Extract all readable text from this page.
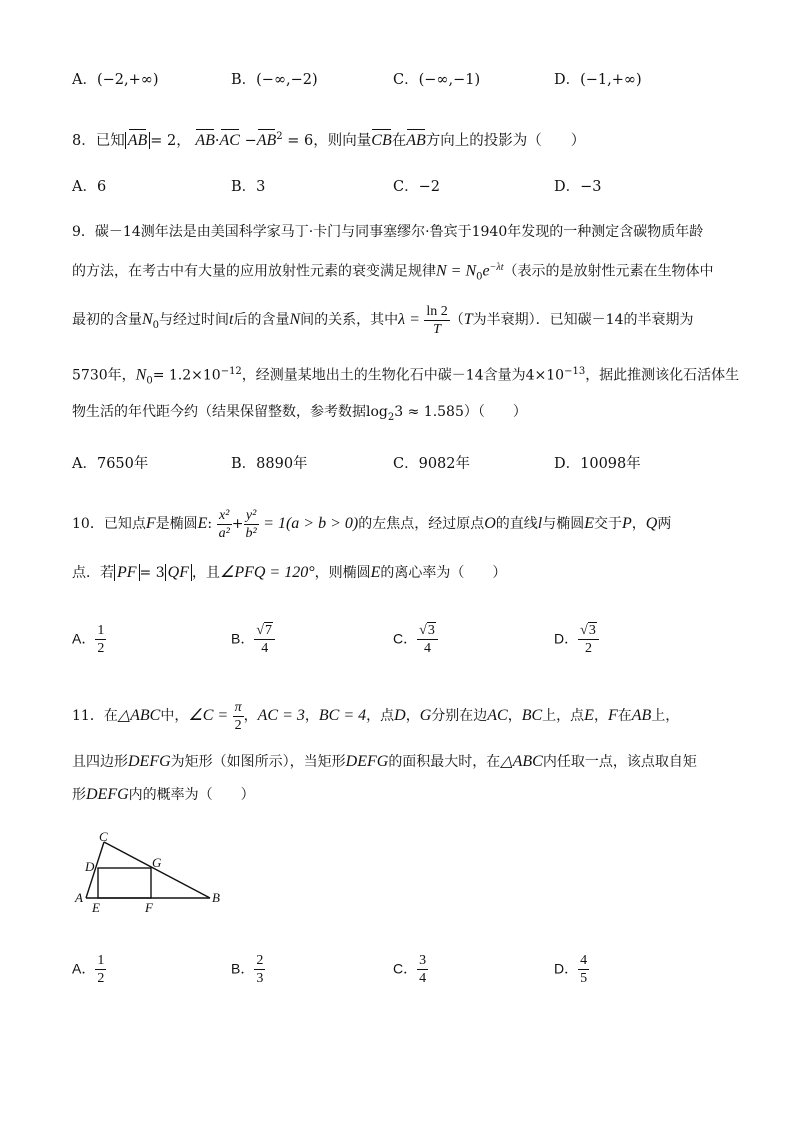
A．(−2,+∞)	B．(−∞,−2)	C．(−∞,−1)	D．(−1,+∞)
8．已知 AB = 2， $AB\cdot AC -AB^2 = 6$，则向量CB在AB方向上的投影为（　　）
A．6	B．3	C．−2	D．−3
9．碳－14测年法是由美国科学家马丁·卡门与同事塞缪尔·鲁宾于1940年发现的一种测定含碳物质年龄
的方法，在考古中有大量的应用放射性元素的衰变满足规律$N = N_0e^{-\lambda t}$（表示的是放射性元素在生物体中
最初的含量$N_0$与经过时间t后的含量N间的关系，其中$\lambda = \frac{\ln 2}{T} (T$为半衰期）．已知碳－14的半衰期为
5730年，$N_0= 1.2\times 10^{-12}$，经测量某地出土的生物化石中碳－14含量为$4\times 10^{-13}$，据此推测该化石活体生
物生活的年代距今约（结果保留整数，参考数据$\log_23 \approx 1.585$）（　　）
A．7650年	B．8890年	C．9082年	D．10098年
10．已知点F是椭圆E: $\frac{\text{x²}}{\text{a²}} + \frac{\text{y²}}{\text{b²}} = 1(a > b > 0)$的左焦点，经过原点O的直线l与椭圆E交于P，Q两
点．若 PF = 3 QF ，且∠PFQ = 120°，则椭圆E的离心率为（　　）
A． $\frac{1}{2}$	B． $\frac{√7}{4}$	C． $\frac{√3}{4}$	D． $\frac{√3}{2}$
11．在△ABC中，∠C = $\frac{\pi}{2}$ ，AC = 3，BC = 4，点D，G分别在边AC，BC上，点E，F在AB上，
且四边形DEFG为矩形（如图所示），当矩形DEFG的面积最大时，在△ABC内任取一点，该点取自矩
形DEFG内的概率为（　　）
A	B
C
D
E	F
G
A． $\frac{1}{2}$	B． $\frac{2}{3}$	C． $\frac{3}{4}$	D． $\frac{4}{5}$
